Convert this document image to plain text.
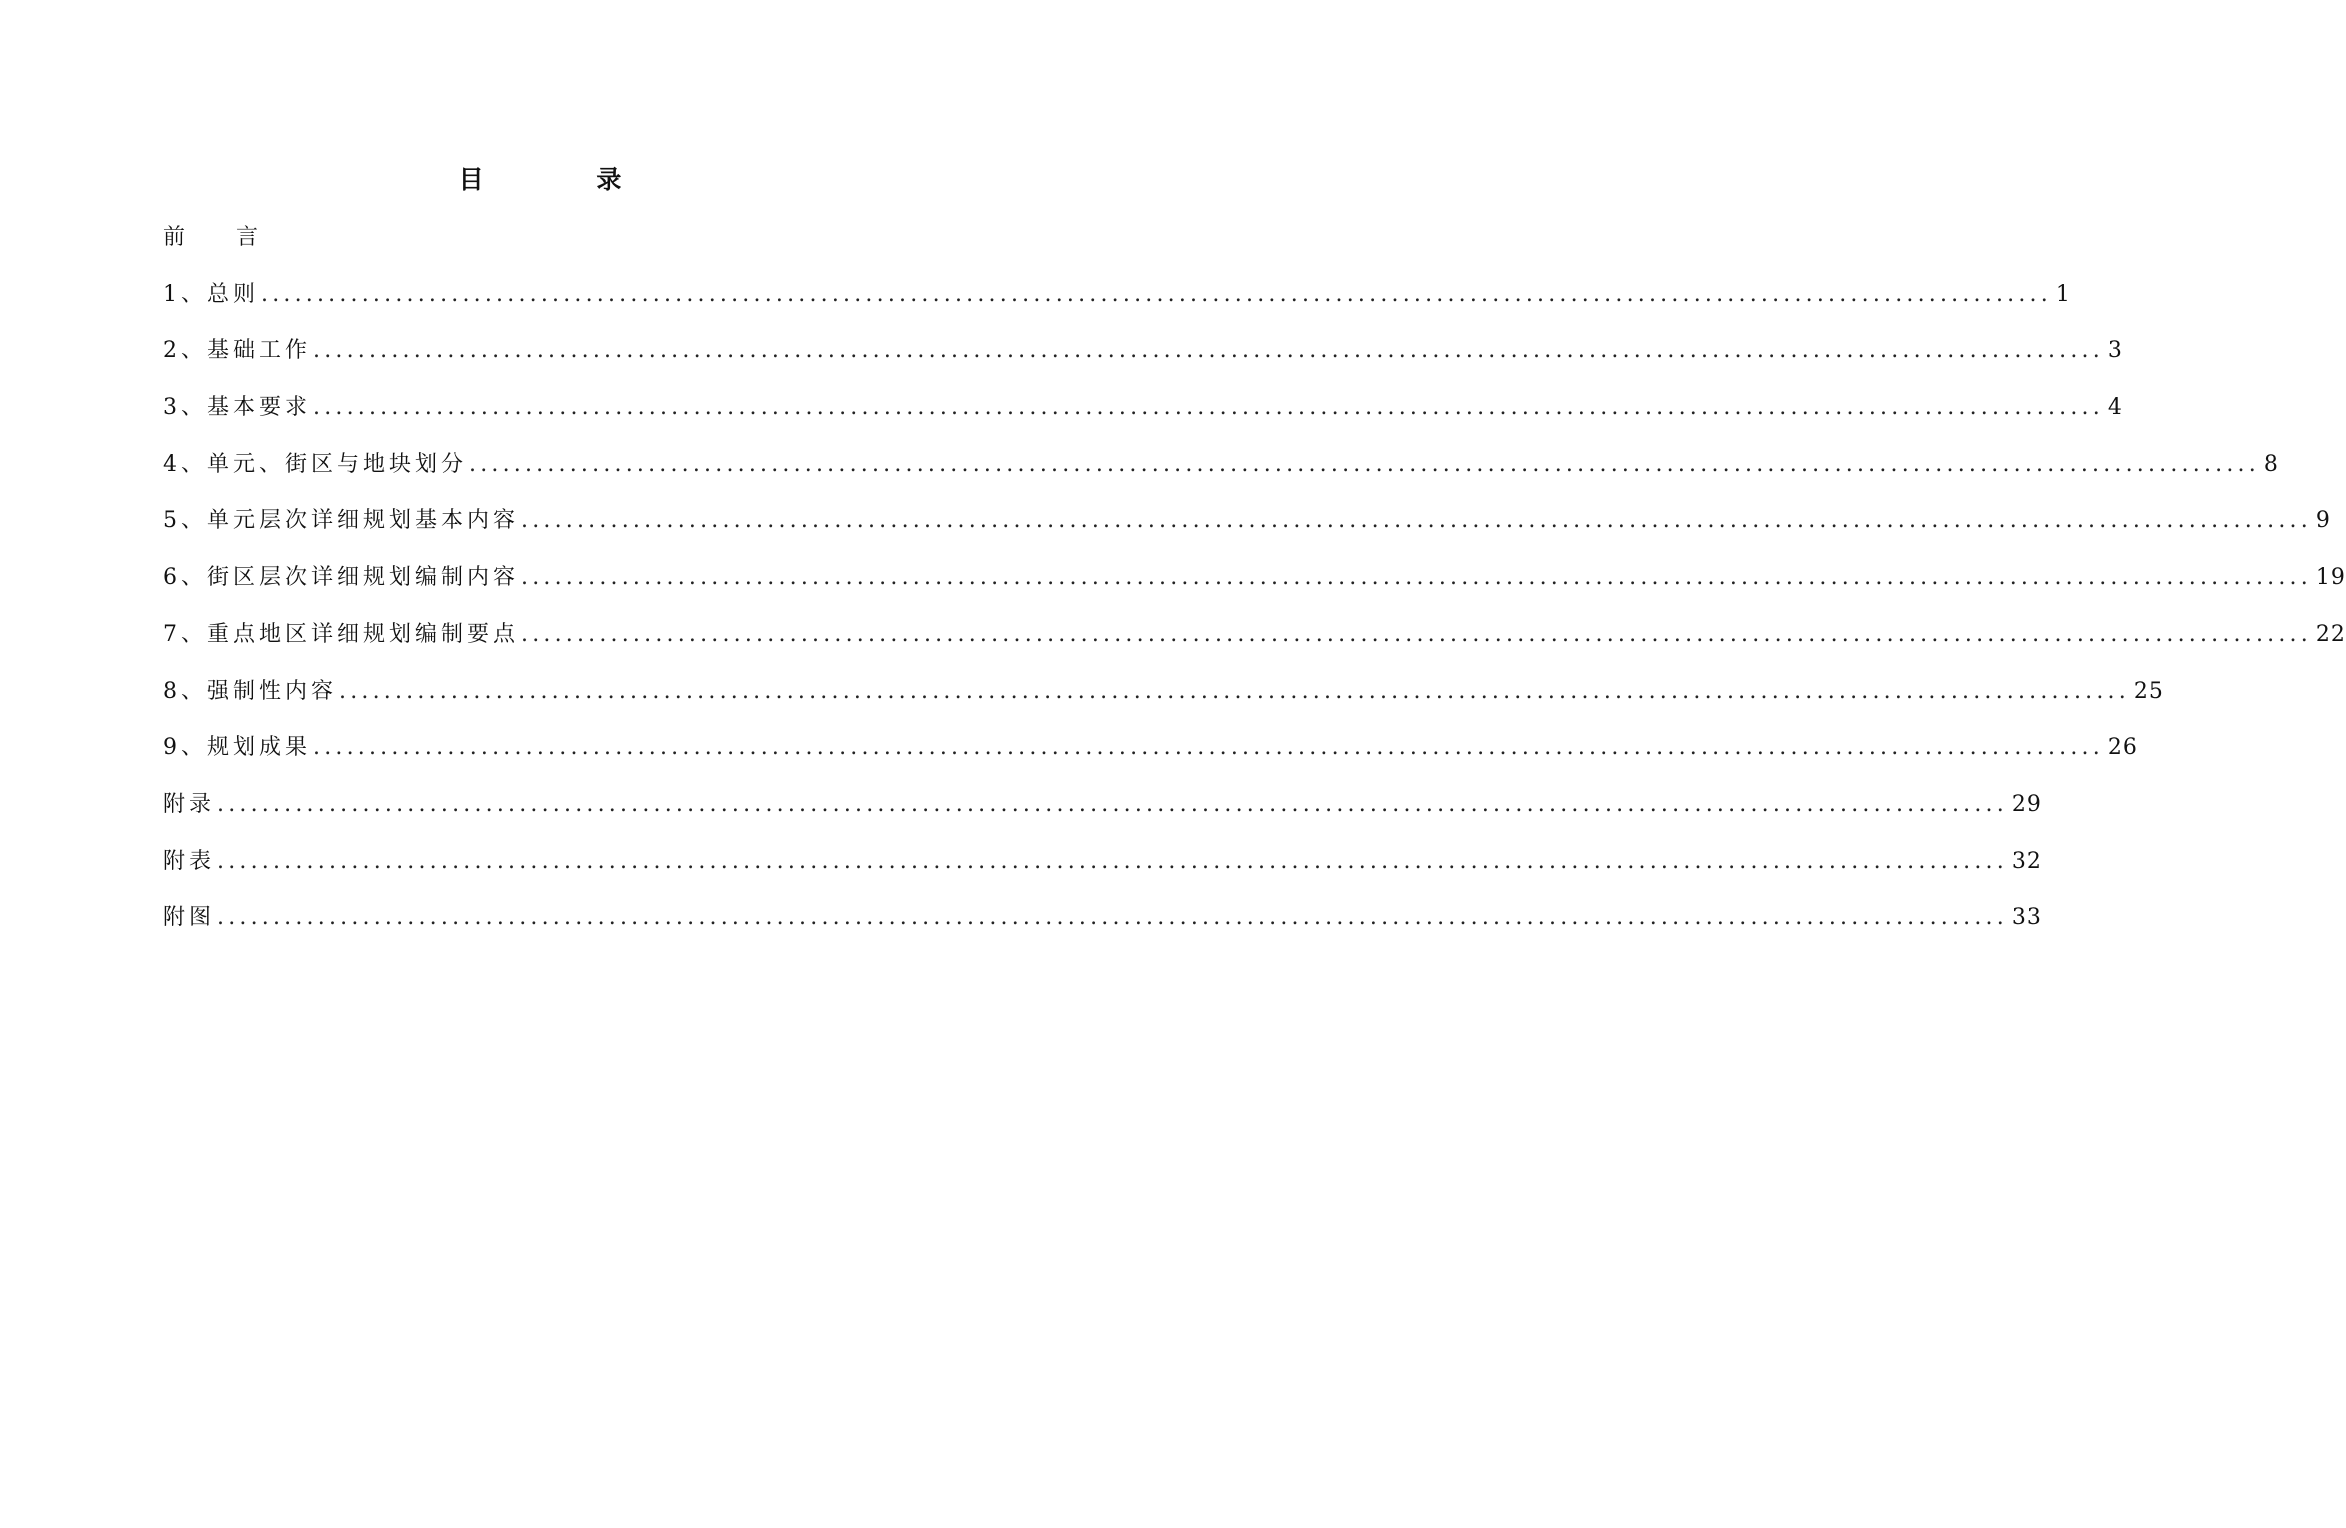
目 录
前 言
1、总则 ................................................................................................................................................................ 1
2、基础工作 ................................................................................................................................................................ 3
3、基本要求 ................................................................................................................................................................ 4
4、单元、街区与地块划分 ................................................................................................................................................................ 8
5、单元层次详细规划基本内容 ................................................................................................................................................................ 9
6、街区层次详细规划编制内容 ................................................................................................................................................................ 19
7、重点地区详细规划编制要点 ................................................................................................................................................................ 22
8、强制性内容 ................................................................................................................................................................ 25
9、规划成果 ................................................................................................................................................................ 26
附录 ................................................................................................................................................................ 29
附表 ................................................................................................................................................................ 32
附图 ................................................................................................................................................................ 33
